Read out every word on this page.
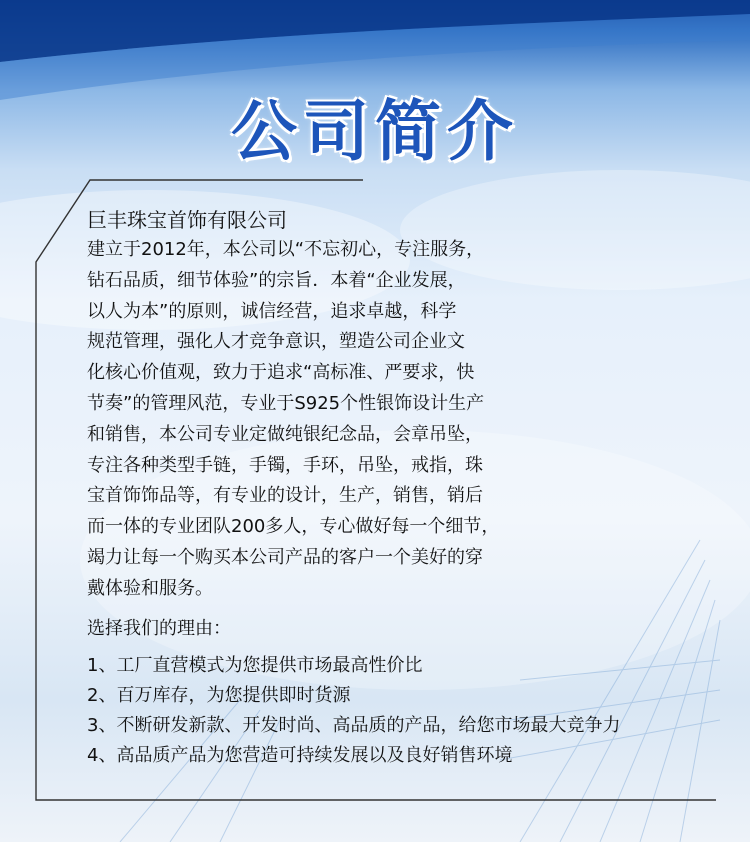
公司简介

巨丰珠宝首饰有限公司

建立于2012年，本公司以“不忘初心，专注服务，
钻石品质，细节体验”的宗旨．本着“企业发展，
以人为本”的原则，诚信经营，追求卓越，科学
规范管理，强化人才竞争意识，塑造公司企业文
化核心价值观，致力于追求“高标准、严要求，快
节奏”的管理风范，专业于S925个性银饰设计生产
和销售，本公司专业定做纯银纪念品，会章吊坠，
专注各种类型手链，手镯，手环，吊坠，戒指，珠
宝首饰饰品等，有专业的设计，生产，销售，销后
而一体的专业团队200多人，专心做好每一个细节，
竭力让每一个购买本公司产品的客户一个美好的穿
戴体验和服务。
选择我们的理由：
1、工厂直营模式为您提供市场最高性价比
2、百万库存，为您提供即时货源
3、不断研发新款、开发时尚、高品质的产品，给您市场最大竞争力
4、高品质产品为您营造可持续发展以及良好销售环境
